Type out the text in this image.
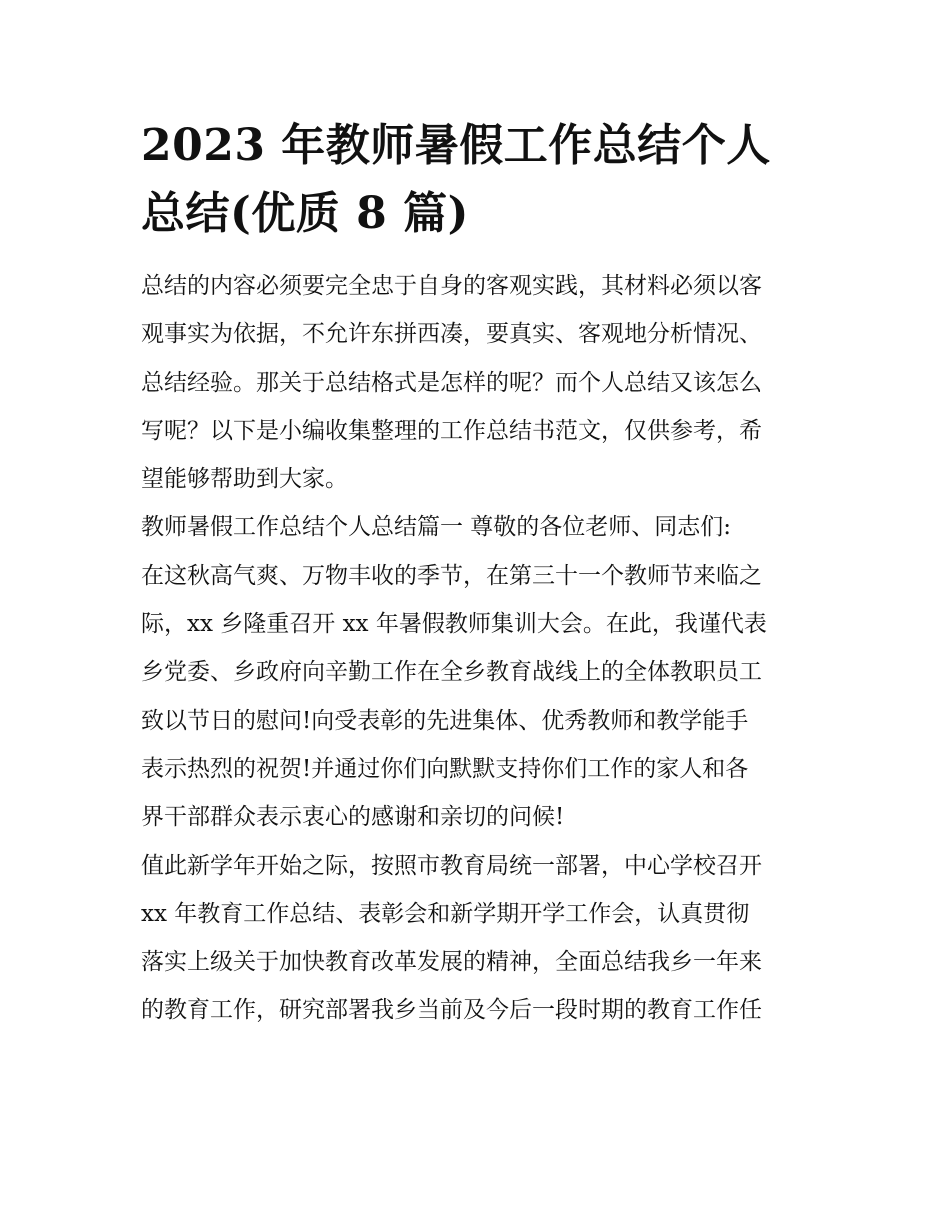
2023 年教师暑假工作总结个人
总结(优质 8 篇)
总结的内容必须要完全忠于自身的客观实践，其材料必须以客
观事实为依据，不允许东拼西凑，要真实、客观地分析情况、
总结经验。那关于总结格式是怎样的呢？而个人总结又该怎么
写呢？以下是小编收集整理的工作总结书范文，仅供参考，希
望能够帮助到大家。
教师暑假工作总结个人总结篇一 尊敬的各位老师、同志们:
在这秋高气爽、万物丰收的季节，在第三十一个教师节来临之
际，xx 乡隆重召开 xx 年暑假教师集训大会。在此，我谨代表
乡党委、乡政府向辛勤工作在全乡教育战线上的全体教职员工
致以节日的慰问!向受表彰的先进集体、优秀教师和教学能手
表示热烈的祝贺!并通过你们向默默支持你们工作的家人和各
界干部群众表示衷心的感谢和亲切的问候!
值此新学年开始之际，按照市教育局统一部署，中心学校召开
xx 年教育工作总结、表彰会和新学期开学工作会，认真贯彻
落实上级关于加快教育改革发展的精神，全面总结我乡一年来
的教育工作，研究部署我乡当前及今后一段时期的教育工作任
